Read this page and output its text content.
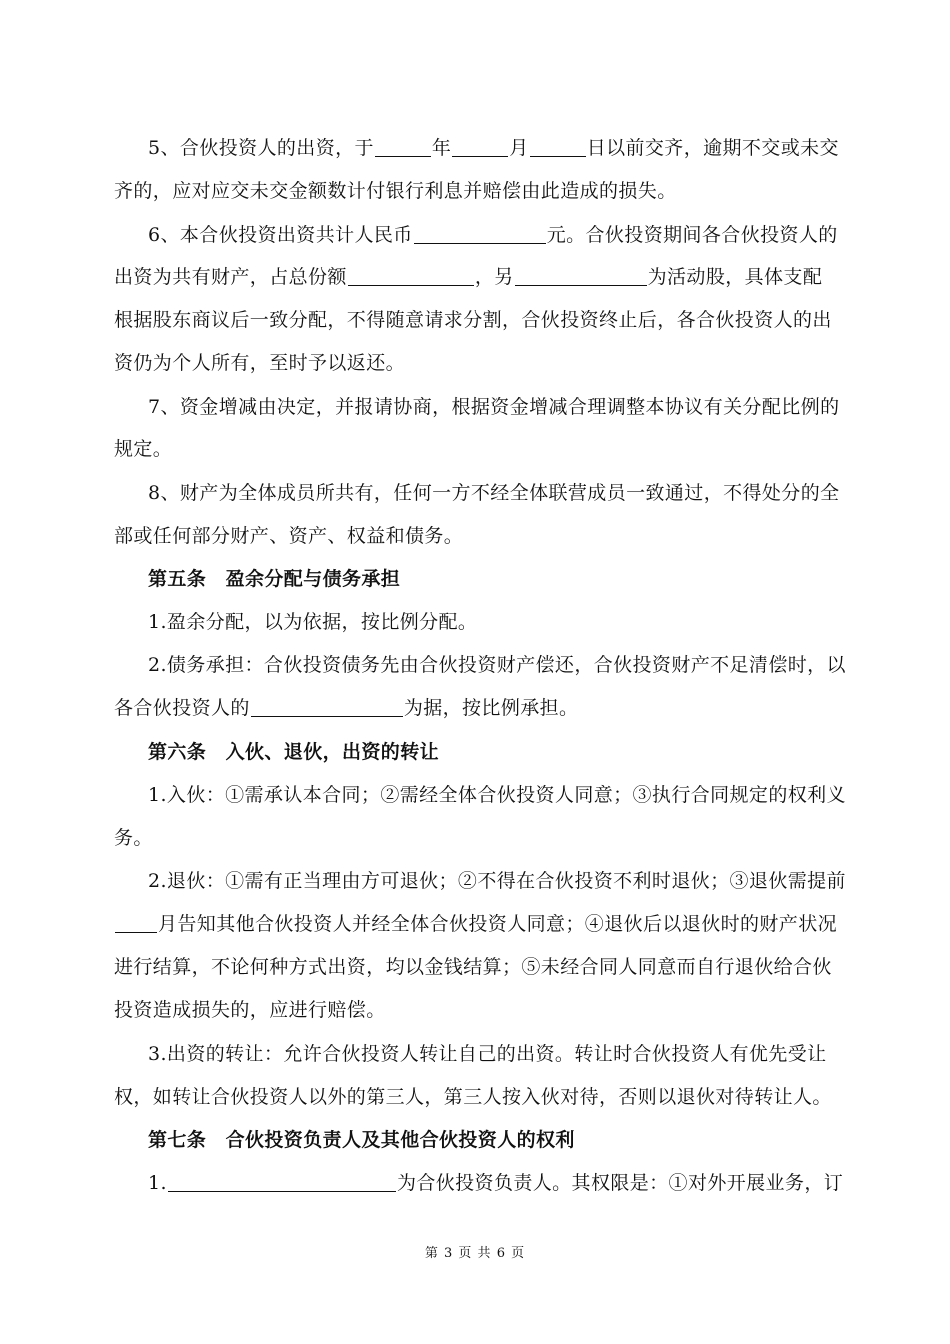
5、合伙投资人的出资，于	年	月	日以前交齐，逾期不交或未交
齐的，应对应交未交金额数计付银行利息并赔偿由此造成的损失。
6、本合伙投资出资共计人民币	元。合伙投资期间各合伙投资人的
出资为共有财产，占总份额	，另	为活动股，具体支配
根据股东商议后一致分配，不得随意请求分割，合伙投资终止后，各合伙投资人的出
资仍为个人所有，至时予以返还。
7、资金增减由决定，并报请协商，根据资金增减合理调整本协议有关分配比例的
规定。
8、财产为全体成员所共有，任何一方不经全体联营成员一致通过，不得处分的全
部或任何部分财产、资产、权益和债务。
第五条　盈余分配与债务承担
1.盈余分配，以为依据，按比例分配。
2.债务承担：合伙投资债务先由合伙投资财产偿还，合伙投资财产不足清偿时，以
各合伙投资人的	为据，按比例承担。
第六条　入伙、退伙，出资的转让
1.入伙：①需承认本合同；②需经全体合伙投资人同意；③执行合同规定的权利义
务。
2.退伙：①需有正当理由方可退伙；②不得在合伙投资不利时退伙；③退伙需提前
月告知其他合伙投资人并经全体合伙投资人同意；④退伙后以退伙时的财产状况
进行结算，不论何种方式出资，均以金钱结算；⑤未经合同人同意而自行退伙给合伙
投资造成损失的，应进行赔偿。
3.出资的转让：允许合伙投资人转让自己的出资。转让时合伙投资人有优先受让
权，如转让合伙投资人以外的第三人，第三人按入伙对待，否则以退伙对待转让人。
第七条　合伙投资负责人及其他合伙投资人的权利
1.	为合伙投资负责人。其权限是：①对外开展业务，订
第 3 页 共 6 页
